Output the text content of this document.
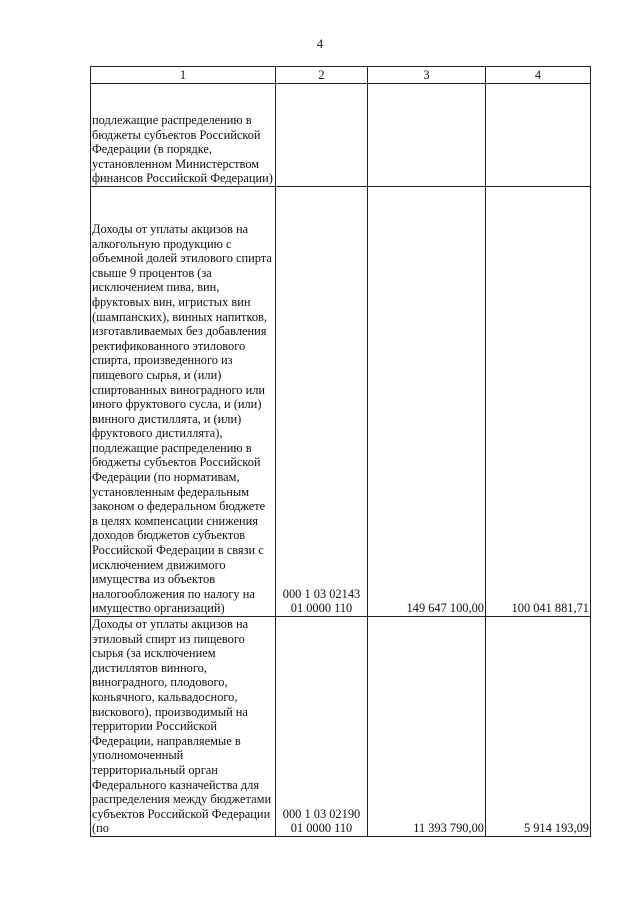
4
1	2	3	4
подлежащие распределению в бюджеты субъектов Российской Федерации (в порядке, установленном Министерством финансов Российской Федерации)			
Доходы от уплаты акцизов на алкогольную продукцию с объемной долей этилового спирта свыше 9 процентов (за исключением пива, вин, фруктовых вин, игристых вин (шампанских), винных напитков, изготавливаемых без добавления ректификованного этилового спирта, произведенного из пищевого сырья, и (или) спиртованных виноградного или иного фруктового сусла, и (или) винного дистиллята, и (или) фруктового дистиллята), подлежащие распределению в бюджеты субъектов Российской Федерации (по нормативам, установленным федеральным законом о федеральном бюджете в целях компенсации снижения доходов бюджетов субъектов Российской Федерации в связи с исключением движимого имущества из объектов налогообложения по налогу на имущество организаций)	000 1 03 02143 01 0000 110	149 647 100,00	100 041 881,71
Доходы от уплаты акцизов на этиловый спирт из пищевого сырья (за исключением дистиллятов винного, виноградного, плодового, коньячного, кальвадосного, вискового), производимый на территории Российской Федерации, направляемые в уполномоченный территориальный орган Федерального казначейства для распределения между бюджетами субъектов Российской Федерации (по	000 1 03 02190 01 0000 110	11 393 790,00	5 914 193,09
